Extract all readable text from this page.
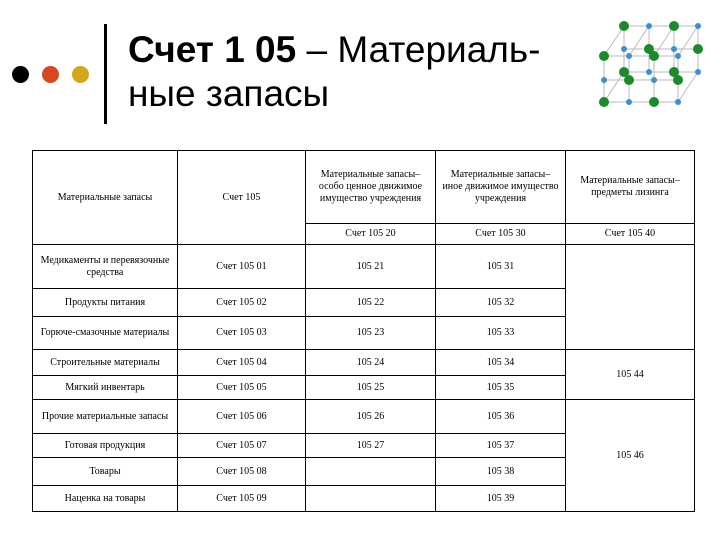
Счет 1 05 – Материаль-
ные запасы
Материальные запасы	Счет 105	Материальные запасы– особо ценное движимое имущество учреждения	Материальные запасы– иное движимое имущество учреждения	Материальные запасы– предметы лизинга
		Счет 105 20	Счет 105 30	Счет 105 40
Медикаменты и перевязочные средства	Счет 105 01	105 21	105 31	
Продукты питания	Счет 105 02	105 22	105 32	
Горюче-смазочные материалы	Счет 105 03	105 23	105 33	
Строительные материалы	Счет 105 04	105 24	105 34	105 44
Мягкий инвентарь	Счет 105 05	105 25	105 35	
Прочие материальные запасы	Счет 105 06	105 26	105 36	105 46
Готовая продукция	Счет 105 07	105 27	105 37	
Товары	Счет 105 08		105 38	
Наценка на товары	Счет 105 09		105 39	
